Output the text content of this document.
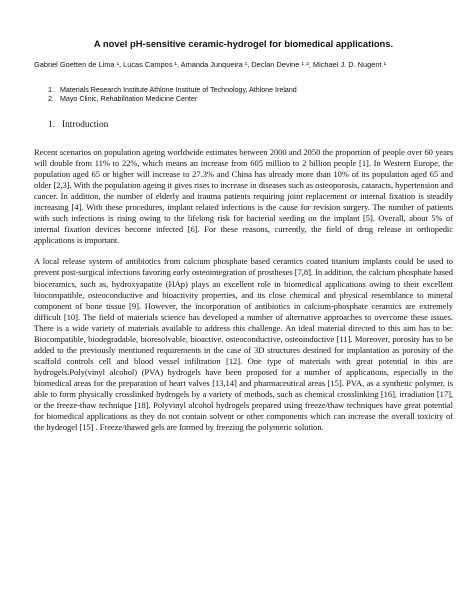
A novel pH-sensitive ceramic-hydrogel for biomedical applications.
Gabriel Goetten de Lima ¹, Lucas Campos ¹, Amanda Junqueira ¹, Declan Devine ¹·², Michael J. D. Nugent ¹
1. Materials Research Institute Athlone Institute of Technology, Athlone Ireland
2. Mayo Clinic, Rehabilitation Medicine Center
1. Introduction

Recent scenarios on population ageing worldwide estimates between 2000 and 2050 the proportion of people over 60 years will double from 11% to 22%, which means an increase from 605 million to 2 billion people [1]. In Western Europe, the population aged 65 or higher will increase to 27.3% and China has already more than 10% of its population aged 65 and older [2,3]. With the population ageing it gives rises to increase in diseases such as osteoporosis, cataracts, hypertension and cancer. In addition, the number of elderly and trauma patients requiring joint replacement or internal fixation is steadily increasing [4]. With these procedures, implant related infections is the cause for revision surgery. The number of patients with such infections is rising owing to the lifelong risk for bacterial seeding on the implant [5]. Overall, about 5% of internal fixation devices become infected [6]. For these reasons, currently, the field of drug release in orthopedic applications is important.

A local release system of antibiotics from calcium phosphate based ceramics coated titanium implants could be used to prevent post-surgical infections favoring early osteointegration of prostheses [7,8]. In addition, the calcium phosphate based bioceramics, such as, hydroxyapatite (HAp) plays an excellent role in biomedical applications owing to their excellent biocompatible, osteoconductive and bioactivity properties, and its close chemical and physical resemblance to mineral component of bone tissue [9]. However, the incorporation of antibiotics in calcium-phosphate ceramics are extremely difficult [10]. The field of materials science has developed a number of alternative approaches to overcome these issues. There is a wide variety of materials available to address this challenge. An ideal material directed to this aim has to be: Biocompatible, biodegradable, bioresolvable, bioactive, osteoconductive, osteoinductive [11]. Moreover, porosity has to be added to the previously mentioned requirements in the case of 3D structures destined for implantation as porosity of the scaffold controls cell and blood vessel infiltration [12]. One type of materials with great potential in this are hydrogels.Poly(vinyl alcohol) (PVA) hydrogels have been proposed for a number of applications, especially in the biomedical areas for the preparation of heart valves [13,14] and pharmaceutical areas [15]. PVA, as a synthetic polymer, is able to form physically crosslinked hydrogels by a variety of methods, such as chemical crosslinking [16], irradiation [17], or the freeze-thaw technique [18]. Polyvinyl alcohol hydrogels prepared using freeze/thaw techniques have great potential for biomedical applications as they do not contain solvent or other components which can increase the overall toxicity of the hydeogel [15] . Freeze/thawed gels are formed by freezing the polymeric solution.
